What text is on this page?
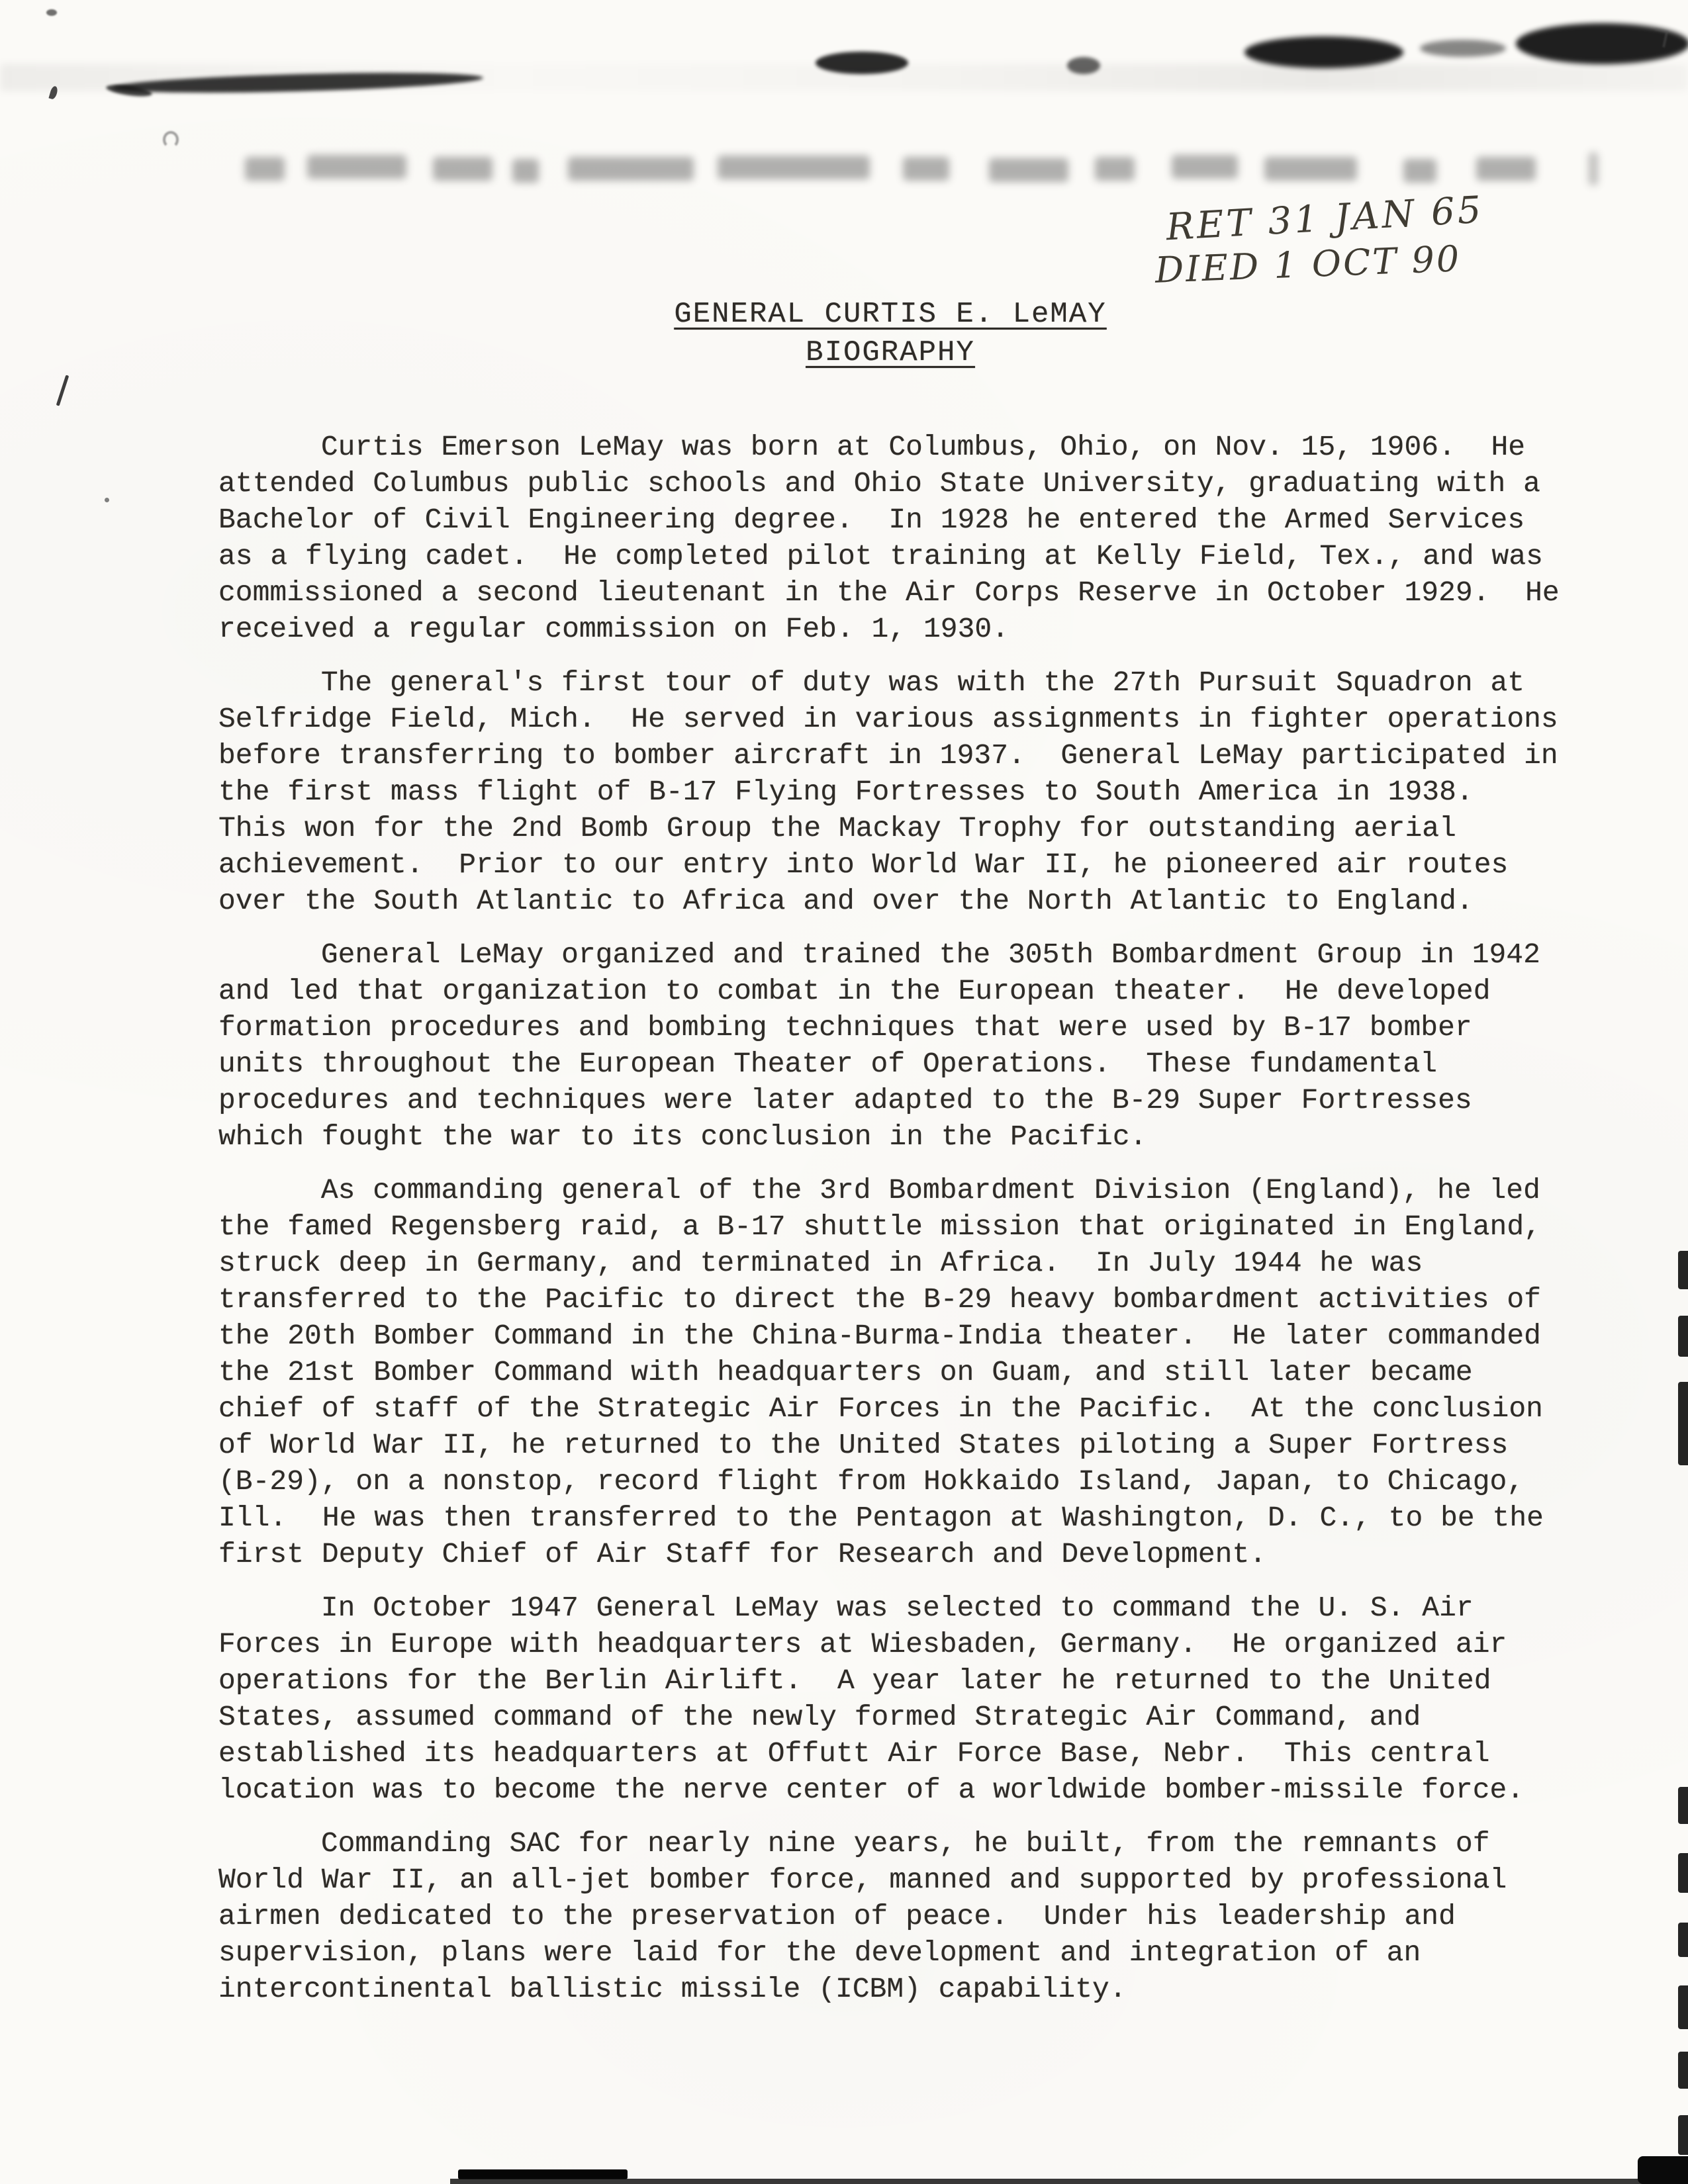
RET 31 JAN 65
DIED 1 OCT 90
GENERAL CURTIS E. LeMAY
BIOGRAPHY

Curtis Emerson LeMay was born at Columbus, Ohio, on Nov. 15, 1906.  He attended Columbus public schools and Ohio State University, graduating with a Bachelor of Civil Engineering degree.  In 1928 he entered the Armed Services as a flying cadet.  He completed pilot training at Kelly Field, Tex., and was commissioned a second lieutenant in the Air Corps Reserve in October 1929.  He received a regular commission on Feb. 1, 1930.

The general's first tour of duty was with the 27th Pursuit Squadron at Selfridge Field, Mich.  He served in various assignments in fighter operations before transferring to bomber aircraft in 1937.  General LeMay participated in the first mass flight of B-17 Flying Fortresses to South America in 1938.  This won for the 2nd Bomb Group the Mackay Trophy for outstanding aerial achievement.  Prior to our entry into World War II, he pioneered air routes over the South Atlantic to Africa and over the North Atlantic to England.

General LeMay organized and trained the 305th Bombardment Group in 1942 and led that organization to combat in the European theater.  He developed formation procedures and bombing techniques that were used by B-17 bomber units throughout the European Theater of Operations.  These fundamental procedures and techniques were later adapted to the B-29 Super Fortresses which fought the war to its conclusion in the Pacific.

As commanding general of the 3rd Bombardment Division (England), he led the famed Regensberg raid, a B-17 shuttle mission that originated in England, struck deep in Germany, and terminated in Africa.  In July 1944 he was transferred to the Pacific to direct the B-29 heavy bombardment activities of the 20th Bomber Command in the China-Burma-India theater.  He later commanded the 21st Bomber Command with headquarters on Guam, and still later became chief of staff of the Strategic Air Forces in the Pacific.  At the conclusion of World War II, he returned to the United States piloting a Super Fortress (B-29), on a nonstop, record flight from Hokkaido Island, Japan, to Chicago, Ill.  He was then transferred to the Pentagon at Washington, D. C., to be the first Deputy Chief of Air Staff for Research and Development.

In October 1947 General LeMay was selected to command the U. S. Air Forces in Europe with headquarters at Wiesbaden, Germany.  He organized air operations for the Berlin Airlift.  A year later he returned to the United States, assumed command of the newly formed Strategic Air Command, and established its headquarters at Offutt Air Force Base, Nebr.  This central location was to become the nerve center of a worldwide bomber-missile force.

Commanding SAC for nearly nine years, he built, from the remnants of World War II, an all-jet bomber force, manned and supported by professional airmen dedicated to the preservation of peace.  Under his leadership and supervision, plans were laid for the development and integration of an intercontinental ballistic missile (ICBM) capability.
